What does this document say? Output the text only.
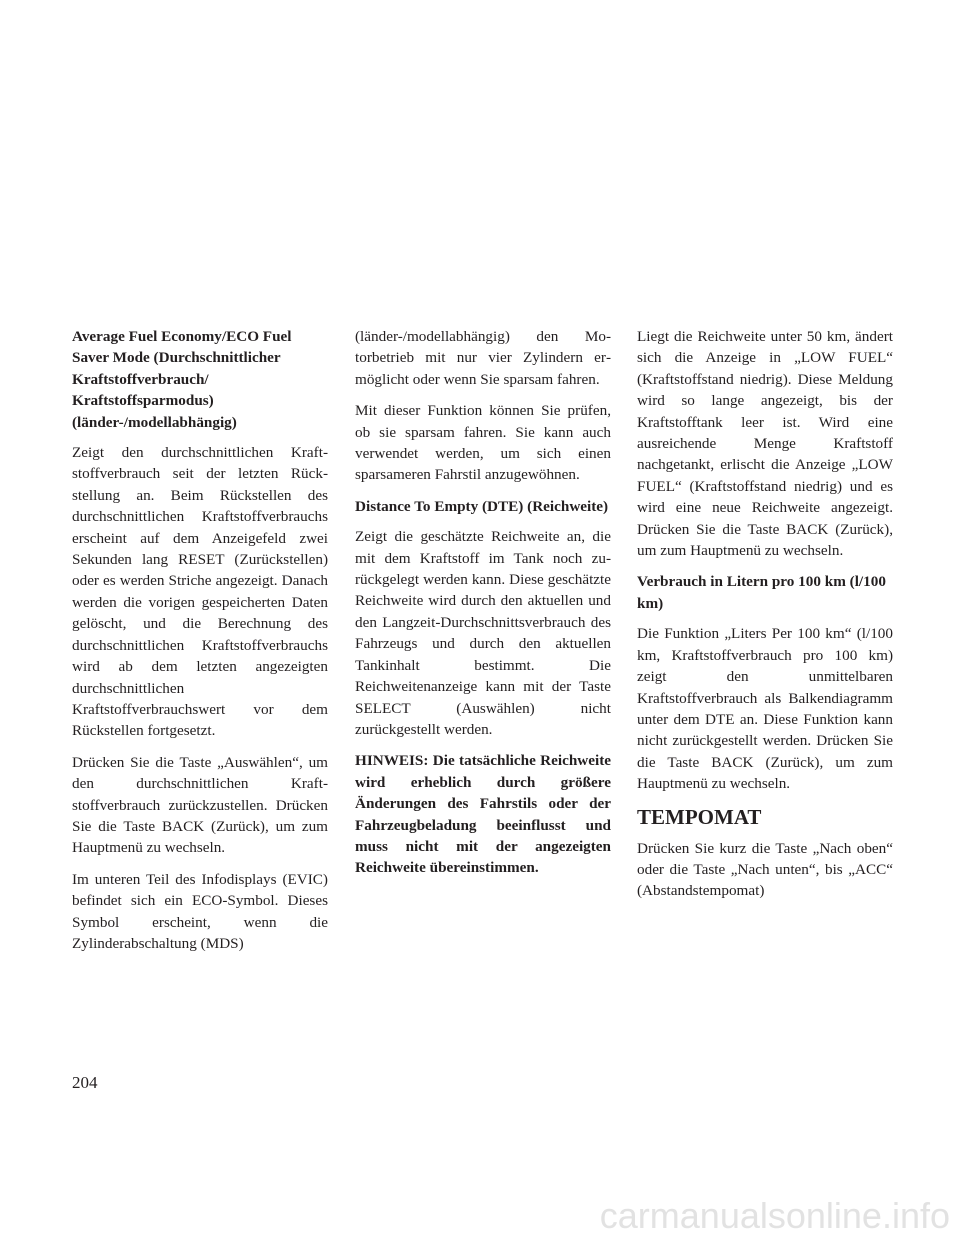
Average Fuel Economy/ECO Fuel Saver Mode (Durchschnittlicher Kraftstoffverbrauch/ Kraftstoffsparmodus) (länder-/modellabhängig)

Zeigt den durchschnittlichen Kraftstoffverbrauch seit der letzten Rückstellung an. Beim Rückstellen des durchschnittlichen Kraftstoffverbrauchs erscheint auf dem Anzeigefeld zwei Sekunden lang RESET (Zurückstellen) oder es werden Striche angezeigt. Danach werden die vorigen gespeicherten Daten gelöscht, und die Berechnung des durchschnittlichen Kraftstoffverbrauchs wird ab dem letzten angezeigten durchschnittlichen Kraftstoffverbrauchswert vor dem Rückstellen fortgesetzt.

Drücken Sie die Taste „Auswählen“, um den durchschnittlichen Kraftstoffverbrauch zurückzustellen. Drücken Sie die Taste BACK (Zurück), um zum Hauptmenü zu wechseln.

Im unteren Teil des Infodisplays (EVIC) befindet sich ein ECO-Symbol. Dieses Symbol erscheint, wenn die Zylinderabschaltung (MDS)

(länder-/modellabhängig) den Motorbetrieb mit nur vier Zylindern ermöglicht oder wenn Sie sparsam fahren.

Mit dieser Funktion können Sie prüfen, ob sie sparsam fahren. Sie kann auch verwendet werden, um sich einen sparsameren Fahrstil anzugewöhnen.

Distance To Empty (DTE) (Reichweite)

Zeigt die geschätzte Reichweite an, die mit dem Kraftstoff im Tank noch zurückgelegt werden kann. Diese geschätzte Reichweite wird durch den aktuellen und den Langzeit-Durchschnittsverbrauch des Fahrzeugs und durch den aktuellen Tankinhalt bestimmt. Die Reichweitenanzeige kann mit der Taste SELECT (Auswählen) nicht zurückgestellt werden.

HINWEIS: Die tatsächliche Reichweite wird erheblich durch größere Änderungen des Fahrstils oder der Fahrzeugbeladung beeinflusst und muss nicht mit der angezeigten Reichweite übereinstimmen.

Liegt die Reichweite unter 50 km, ändert sich die Anzeige in „LOW FUEL“ (Kraftstoffstand niedrig). Diese Meldung wird so lange angezeigt, bis der Kraftstofftank leer ist. Wird eine ausreichende Menge Kraftstoff nachgetankt, erlischt die Anzeige „LOW FUEL“ (Kraftstoffstand niedrig) und es wird eine neue Reichweite angezeigt. Drücken Sie die Taste BACK (Zurück), um zum Hauptmenü zu wechseln.

Verbrauch in Litern pro 100 km (l/100 km)

Die Funktion „Liters Per 100 km“ (l/100 km, Kraftstoffverbrauch pro 100 km) zeigt den unmittelbaren Kraftstoffverbrauch als Balkendiagramm unter dem DTE an. Diese Funktion kann nicht zurückgestellt werden. Drücken Sie die Taste BACK (Zurück), um zum Hauptmenü zu wechseln.

TEMPOMAT

Drücken Sie kurz die Taste „Nach oben“ oder die Taste „Nach unten“, bis „ACC“ (Abstandstempomat)

204
carmanualsonline.info
